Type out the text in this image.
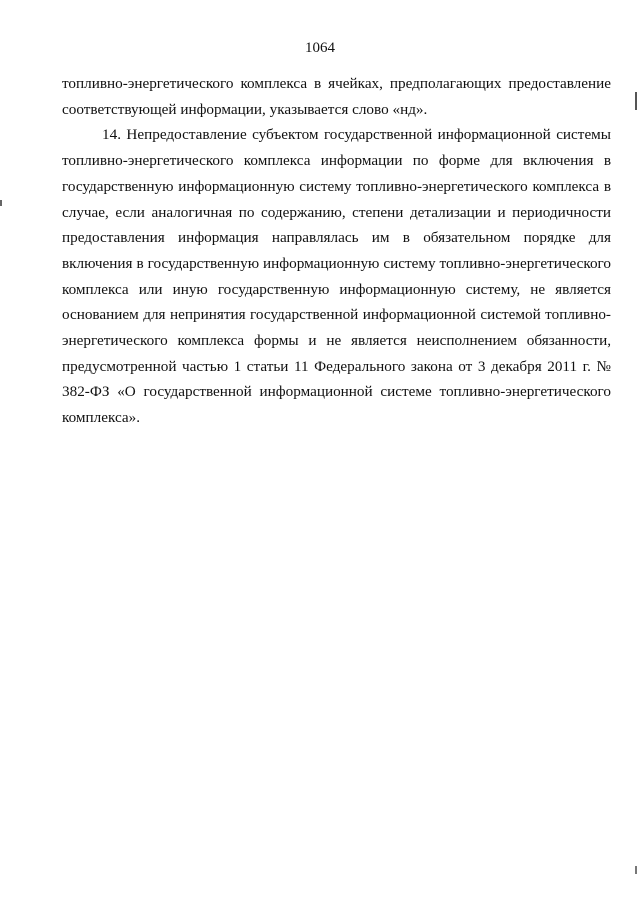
1064

топливно-энергетического комплекса в ячейках, предполагающих предоставление соответствующей информации, указывается слово «нд».

14. Непредоставление субъектом государственной информационной системы топливно-энергетического комплекса информации по форме для включения в государственную информационную систему топливно-энергетического комплекса в случае, если аналогичная по содержанию, степени детализации и периодичности предоставления информация направлялась им в обязательном порядке для включения в государственную информационную систему топливно-энергетического комплекса или иную государственную информационную систему, не является основанием для непринятия государственной информационной системой топливно-энергетического комплекса формы и не является неисполнением обязанности, предусмотренной частью 1 статьи 11 Федерального закона от 3 декабря 2011 г. № 382-ФЗ «О государственной информационной системе топливно-энергетического комплекса».
